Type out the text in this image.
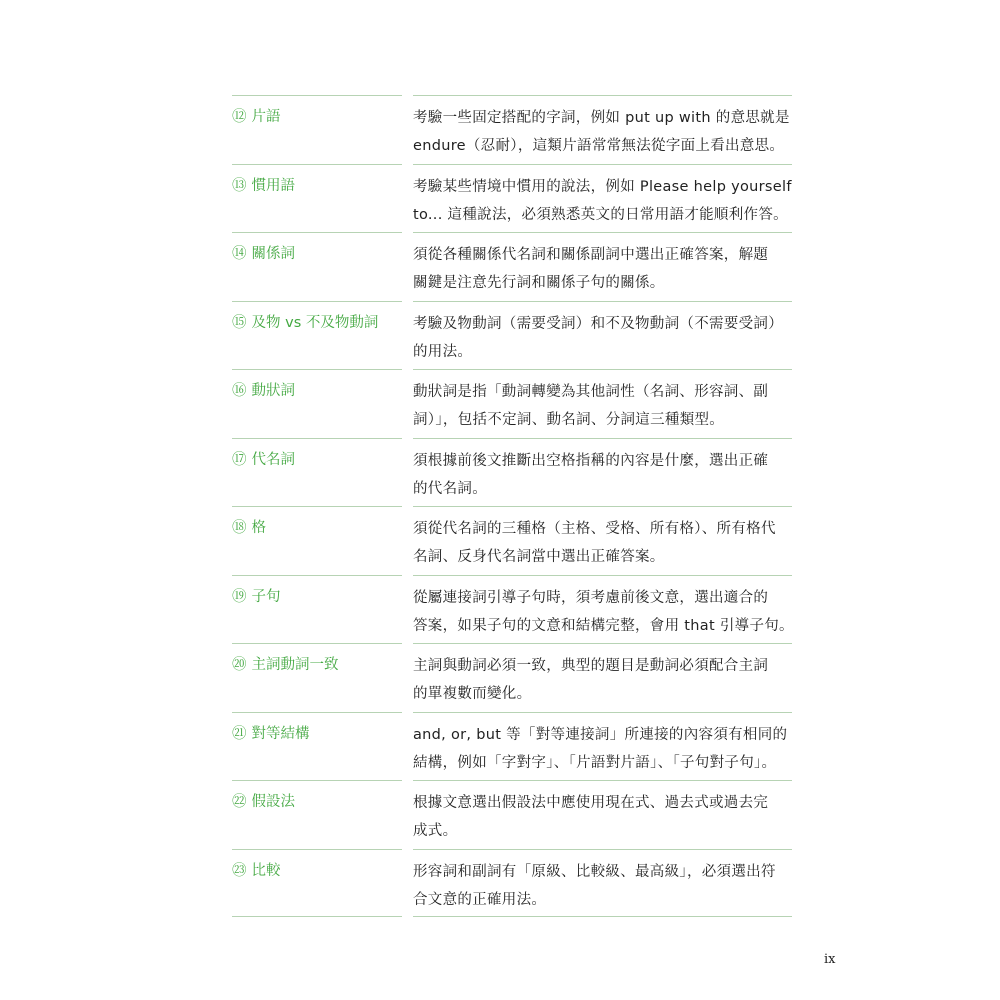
⑫ 片語	考驗一些固定搭配的字詞，例如 put up with 的意思就是
endure（忍耐），這類片語常常無法從字面上看出意思。
⑬ 慣用語	考驗某些情境中慣用的說法，例如 Please help yourself
to... 這種說法，必須熟悉英文的日常用語才能順利作答。
⑭ 關係詞	須從各種關係代名詞和關係副詞中選出正確答案，解題
關鍵是注意先行詞和關係子句的關係。
⑮ 及物 vs 不及物動詞	考驗及物動詞（需要受詞）和不及物動詞（不需要受詞）
的用法。
⑯ 動狀詞	動狀詞是指「動詞轉變為其他詞性（名詞、形容詞、副
詞）」，包括不定詞、動名詞、分詞這三種類型。
⑰ 代名詞	須根據前後文推斷出空格指稱的內容是什麼，選出正確
的代名詞。
⑱ 格	須從代名詞的三種格（主格、受格、所有格）、所有格代
名詞、反身代名詞當中選出正確答案。
⑲ 子句	從屬連接詞引導子句時，須考慮前後文意，選出適合的
答案，如果子句的文意和結構完整，會用 that 引導子句。
⑳ 主詞動詞一致	主詞與動詞必須一致，典型的題目是動詞必須配合主詞
的單複數而變化。
㉑ 對等結構	and, or, but 等「對等連接詞」所連接的內容須有相同的
結構，例如「字對字」、「片語對片語」、「子句對子句」。
㉒ 假設法	根據文意選出假設法中應使用現在式、過去式或過去完
成式。
㉓ 比較	形容詞和副詞有「原級、比較級、最高級」，必須選出符
合文意的正確用法。
ix
